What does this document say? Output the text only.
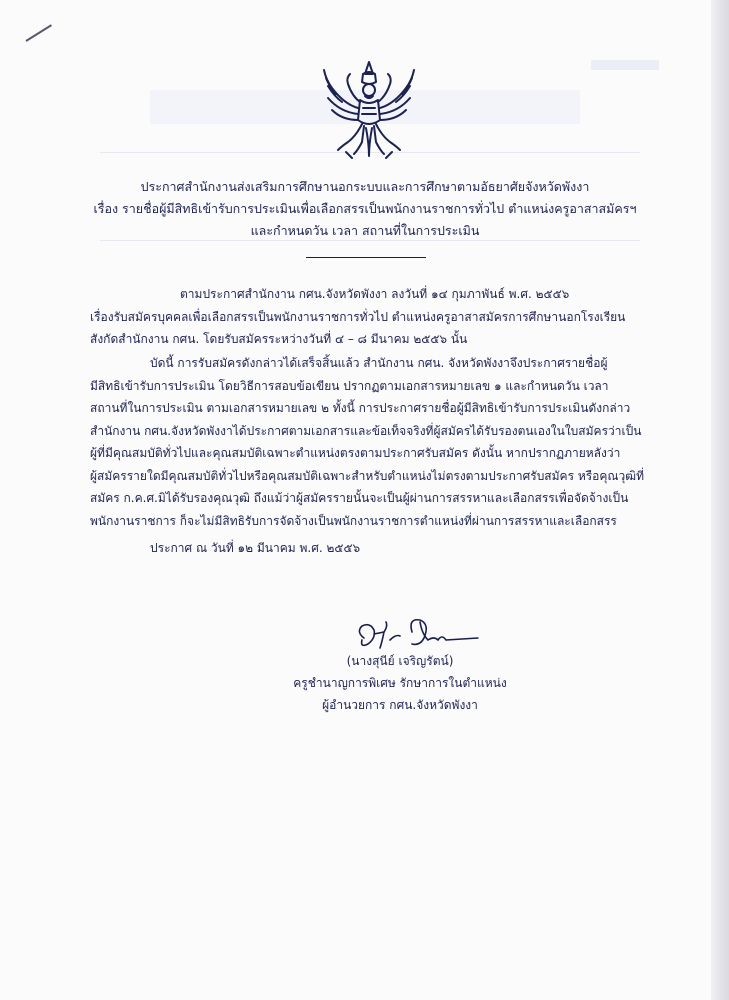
ประกาศสำนักงานส่งเสริมการศึกษานอกระบบและการศึกษาตามอัธยาศัยจังหวัดพังงา
เรื่อง รายชื่อผู้มีสิทธิเข้ารับการประเมินเพื่อเลือกสรรเป็นพนักงานราชการทั่วไป ตำแหน่งครูอาสาสมัครฯ
และกำหนดวัน เวลา สถานที่ในการประเมิน
ตามประกาศสำนักงาน กศน.จังหวัดพังงา ลงวันที่ ๑๔ กุมภาพันธ์ พ.ศ. ๒๕๕๖
เรื่องรับสมัครบุคคลเพื่อเลือกสรรเป็นพนักงานราชการทั่วไป ตำแหน่งครูอาสาสมัครการศึกษานอกโรงเรียน
สังกัดสำนักงาน กศน. โดยรับสมัครระหว่างวันที่ ๔ – ๘ มีนาคม ๒๕๕๖ นั้น
บัดนี้ การรับสมัครดังกล่าวได้เสร็จสิ้นแล้ว สำนักงาน กศน. จังหวัดพังงาจึงประกาศรายชื่อผู้
มีสิทธิเข้ารับการประเมิน โดยวิธีการสอบข้อเขียน ปรากฏตามเอกสารหมายเลข ๑ และกำหนดวัน เวลา
สถานที่ในการประเมิน ตามเอกสารหมายเลข ๒ ทั้งนี้ การประกาศรายชื่อผู้มีสิทธิเข้ารับการประเมินดังกล่าว
สำนักงาน กศน.จังหวัดพังงาได้ประกาศตามเอกสารและข้อเท็จจริงที่ผู้สมัครได้รับรองตนเองในใบสมัครว่าเป็น
ผู้ที่มีคุณสมบัติทั่วไปและคุณสมบัติเฉพาะตำแหน่งตรงตามประกาศรับสมัคร ดังนั้น หากปรากฏภายหลังว่า
ผู้สมัครรายใดมีคุณสมบัติทั่วไปหรือคุณสมบัติเฉพาะสำหรับตำแหน่งไม่ตรงตามประกาศรับสมัคร หรือคุณวุฒิที่
สมัคร ก.ค.ศ.มิได้รับรองคุณวุฒิ ถึงแม้ว่าผู้สมัครรายนั้นจะเป็นผู้ผ่านการสรรหาและเลือกสรรเพื่อจัดจ้างเป็น
พนักงานราชการ ก็จะไม่มีสิทธิรับการจัดจ้างเป็นพนักงานราชการตำแหน่งที่ผ่านการสรรหาและเลือกสรร
ประกาศ ณ วันที่ ๑๒ มีนาคม พ.ศ. ๒๕๕๖
(นางสุนีย์ เจริญรัตน์)
ครูชำนาญการพิเศษ รักษาการในตำแหน่ง
ผู้อำนวยการ กศน.จังหวัดพังงา
